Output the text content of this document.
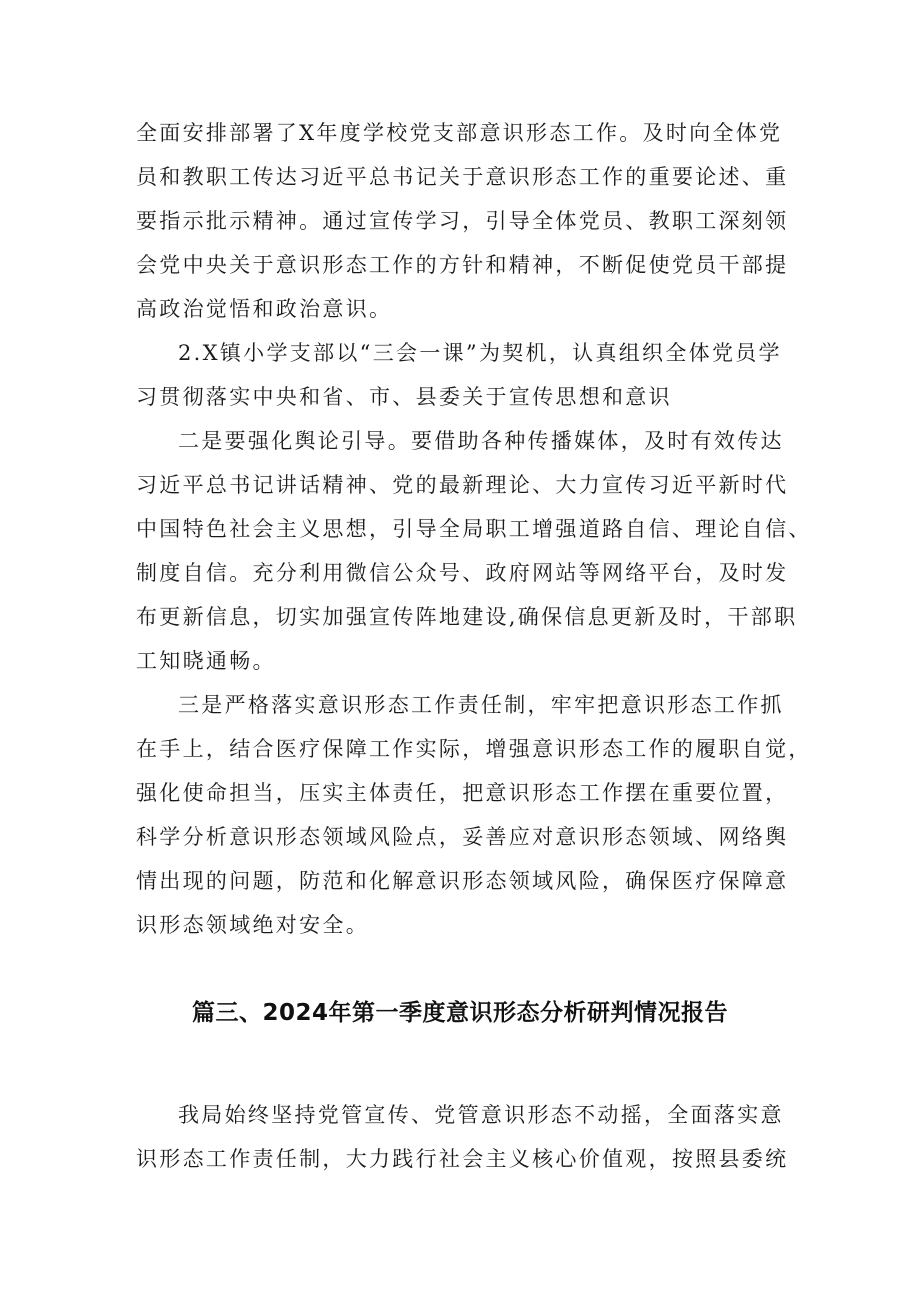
全面安排部署了X年度学校党支部意识形态工作。及时向全体党
员和教职工传达习近平总书记关于意识形态工作的重要论述、重
要指示批示精神。通过宣传学习，引导全体党员、教职工深刻领
会党中央关于意识形态工作的方针和精神，不断促使党员干部提
高政治觉悟和政治意识。
2.X镇小学支部以“三会一课”为契机，认真组织全体党员学
习贯彻落实中央和省、市、县委关于宣传思想和意识
二是要强化舆论引导。要借助各种传播媒体，及时有效传达
习近平总书记讲话精神、党的最新理论、大力宣传习近平新时代
中国特色社会主义思想，引导全局职工增强道路自信、理论自信、
制度自信。充分利用微信公众号、政府网站等网络平台，及时发
布更新信息，切实加强宣传阵地建设,确保信息更新及时，干部职
工知晓通畅。
三是严格落实意识形态工作责任制，牢牢把意识形态工作抓
在手上，结合医疗保障工作实际，增强意识形态工作的履职自觉，
强化使命担当，压实主体责任，把意识形态工作摆在重要位置，
科学分析意识形态领域风险点，妥善应对意识形态领域、网络舆
情出现的问题，防范和化解意识形态领域风险，确保医疗保障意
识形态领域绝对安全。
篇三、2024年第一季度意识形态分析研判情况报告
我局始终坚持党管宣传、党管意识形态不动摇，全面落实意
识形态工作责任制，大力践行社会主义核心价值观，按照县委统
